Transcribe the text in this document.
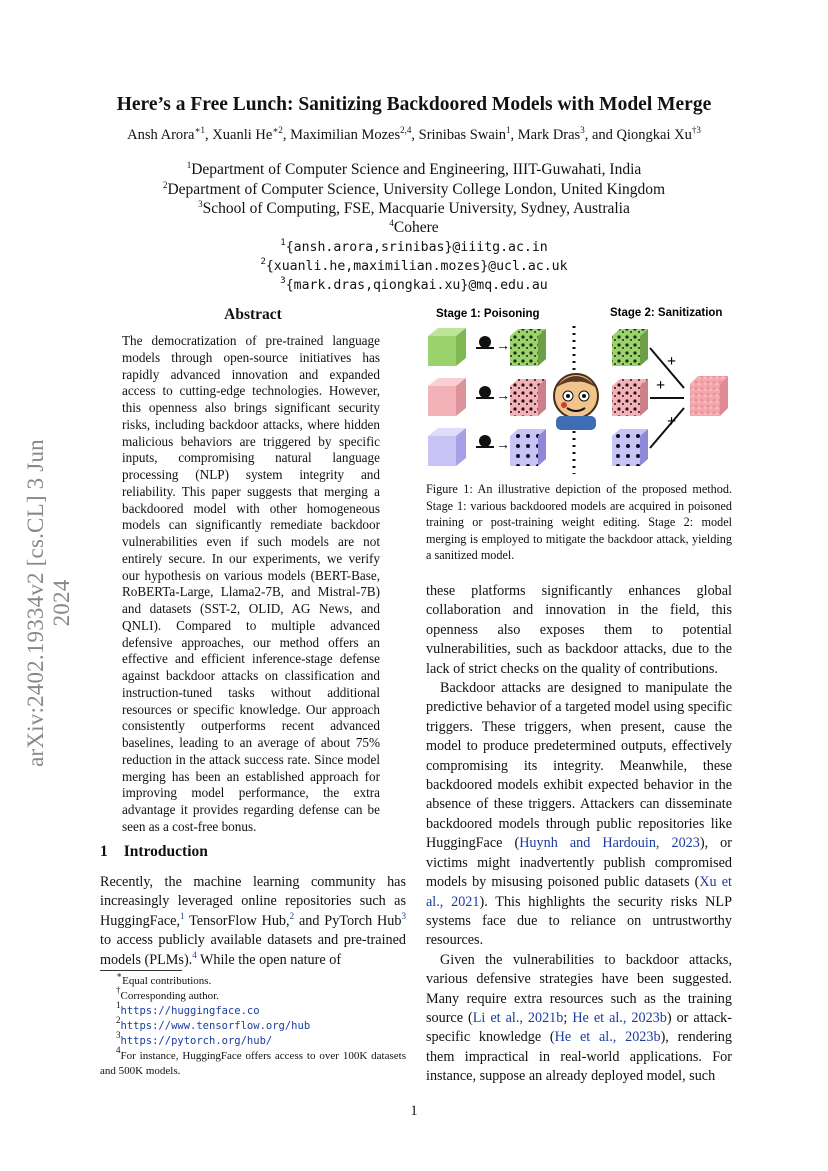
arXiv:2402.19334v2 [cs.CL] 3 Jun 2024
Here’s a Free Lunch: Sanitizing Backdoored Models with Model Merge
Ansh Arora$^{∗1}$, Xuanli $He^{∗2}$, Maximilian Mozes$^{2,4}$, Srinibas Swain$^1$, Mark Dras$^3$, and Qiongkai Xu$^{\dagger 3}$
$^1$Department of Computer Science and Engineering, IIIT-Guwahati, India
$^2$Department of Computer Science, University College London, United Kingdom
$^3$School of Computing, FSE, Macquarie University, Sydney, Australia
$^4$Cohere
$^1${ansh.arora,srinibas}@iiitg.ac.in
$^2${xuanli.he,maximilian.mozes}@ucl.ac.uk
$^3${mark.dras,qiongkai.xu}@mq.edu.au
Abstract
The democratization of pre-trained language models through open-source initiatives has rapidly advanced innovation and expanded access to cutting-edge technologies. However, this openness also brings significant security risks, including backdoor attacks, where hidden malicious behaviors are triggered by specific inputs, compromising natural language processing (NLP) system integrity and reliability. This paper suggests that merging a backdoored model with other homogeneous models can significantly remediate backdoor vulnerabilities even if such models are not entirely secure. In our experiments, we verify our hypothesis on various models (BERT-Base, RoBERTa-Large, Llama2-7B, and Mistral-7B) and datasets (SST-2, OLID, AG News, and QNLI). Compared to multiple advanced defensive approaches, our method offers an effective and efficient inference-stage defense against backdoor attacks on classification and instruction-tuned tasks without additional resources or specific knowledge. Our approach consistently outperforms recent advanced baselines, leading to an average of about 75% reduction in the attack success rate. Since model merging has been an established approach for improving model performance, the extra advantage it provides regarding defense can be seen as a cost-free bonus.
1 Introduction
Recently, the machine learning community has increasingly leveraged online repositories such as HuggingFace,$^1$ TensorFlow Hub,$^2$ and PyTorch Hub$^3$ to access publicly available datasets and pre-trained models (PLMs).$^4$ While the open nature of
∗Equal contributions.
†Corresponding author.
$^1$https://huggingface.co
$^2$https://www.tensorflow.org/hub
$^3$https://pytorch.org/hub/
$^4$For instance, HuggingFace offers access to over 100K datasets and 500K models.
Stage 1: Poisoning	Stage 2: Sanitization
→
→
→
+
+
+
Figure 1: An illustrative depiction of the proposed method. Stage 1: various backdoored models are acquired in poisoned training or post-training weight editing. Stage 2: model merging is employed to mitigate the backdoor attack, yielding a sanitized model.
these platforms significantly enhances global collaboration and innovation in the field, this openness also exposes them to potential vulnerabilities, such as backdoor attacks, due to the lack of strict checks on the quality of contributions.
Backdoor attacks are designed to manipulate the predictive behavior of a targeted model using specific triggers. These triggers, when present, cause the model to produce predetermined outputs, effectively compromising its integrity. Meanwhile, these backdoored models exhibit expected behavior in the absence of these triggers. Attackers can disseminate backdoored models through public repositories like HuggingFace (Huynh and Hardouin, 2023), or victims might inadvertently publish compromised models by misusing poisoned public datasets (Xu et al., 2021). This highlights the security risks NLP systems face due to reliance on untrustworthy resources.
Given the vulnerabilities to backdoor attacks, various defensive strategies have been suggested. Many require extra resources such as the training source (Li et al., 2021b; He et al., 2023b) or attack-specific knowledge (He et al., 2023b), rendering them impractical in real-world applications. For instance, suppose an already deployed model, such
1
